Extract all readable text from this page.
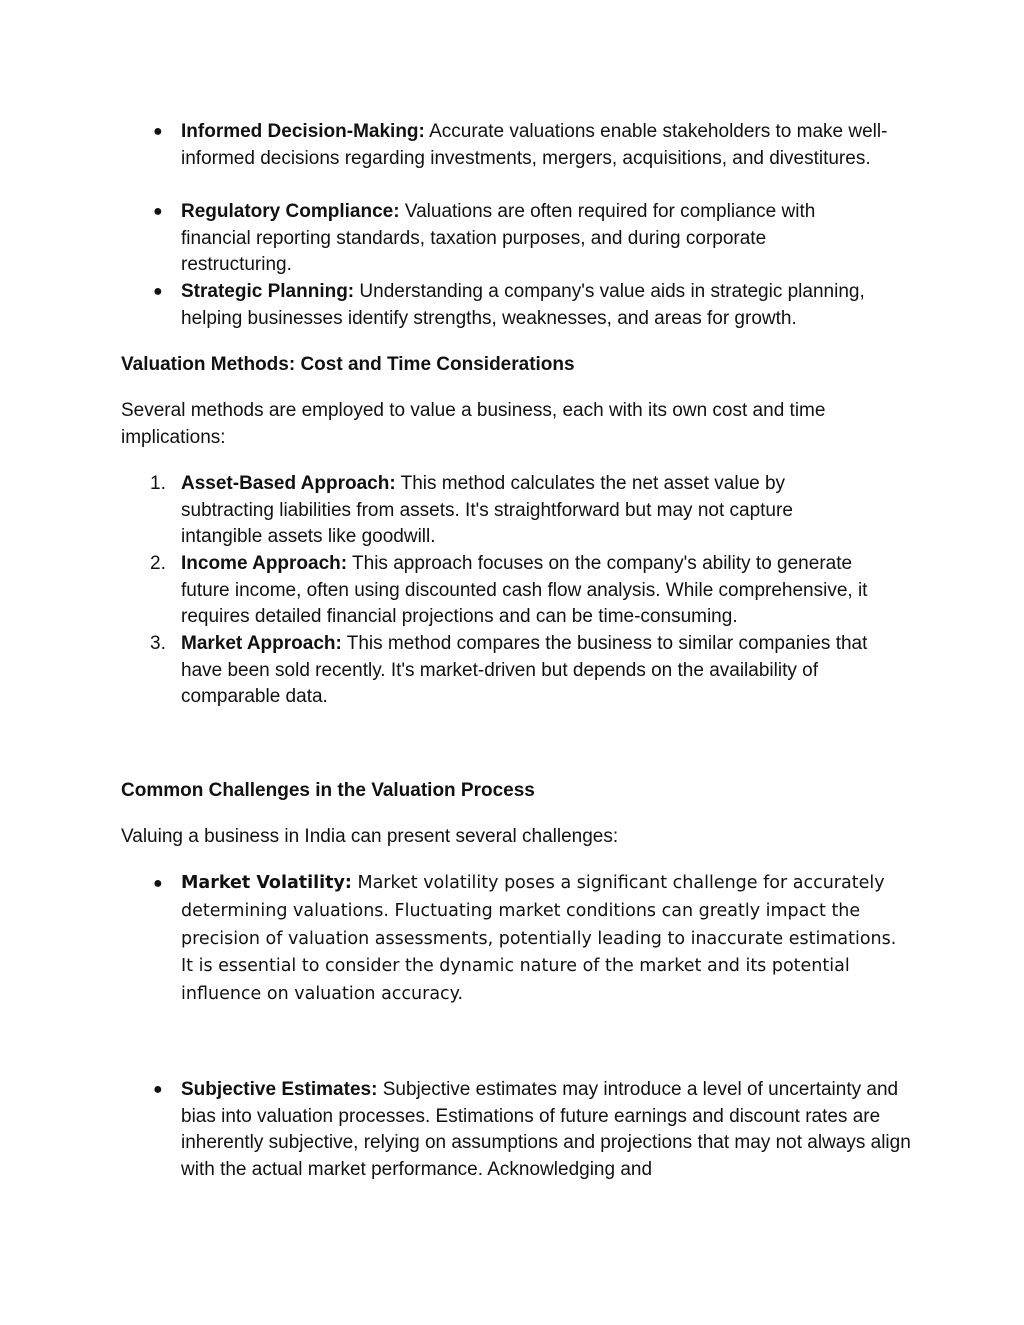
● Informed Decision-Making: Accurate valuations enable stakeholders to make well-informed decisions regarding investments, mergers, acquisitions, and divestitures.

● Regulatory Compliance: Valuations are often required for compliance with financial reporting standards, taxation purposes, and during corporate restructuring.

● Strategic Planning: Understanding a company's value aids in strategic planning, helping businesses identify strengths, weaknesses, and areas for growth.

Valuation Methods: Cost and Time Considerations

Several methods are employed to value a business, each with its own cost and time implications:

1. Asset-Based Approach: This method calculates the net asset value by subtracting liabilities from assets. It's straightforward but may not capture intangible assets like goodwill.

2. Income Approach: This approach focuses on the company's ability to generate future income, often using discounted cash flow analysis. While comprehensive, it requires detailed financial projections and can be time-consuming.

3. Market Approach: This method compares the business to similar companies that have been sold recently. It's market-driven but depends on the availability of comparable data.

Common Challenges in the Valuation Process

Valuing a business in India can present several challenges:

● Market Volatility: Market volatility poses a significant challenge for accurately determining valuations. Fluctuating market conditions can greatly impact the precision of valuation assessments, potentially leading to inaccurate estimations. It is essential to consider the dynamic nature of the market and its potential influence on valuation accuracy.

● Subjective Estimates: Subjective estimates may introduce a level of uncertainty and bias into valuation processes. Estimations of future earnings and discount rates are inherently subjective, relying on assumptions and projections that may not always align with the actual market performance. Acknowledging and
